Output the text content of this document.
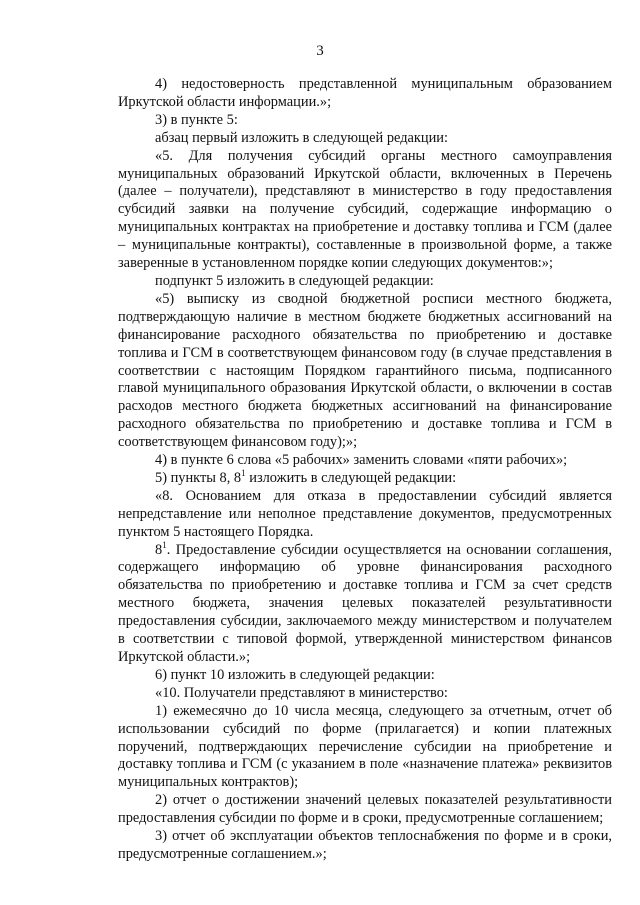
3

4) недостоверность представленной муниципальным образованием Иркутской области информации.»;

3) в пункте 5:

абзац первый изложить в следующей редакции:

«5. Для получения субсидий органы местного самоуправления муниципальных образований Иркутской области, включенных в Перечень (далее – получатели), представляют в министерство в году предоставления субсидий заявки на получение субсидий, содержащие информацию о муниципальных контрактах на приобретение и доставку топлива и ГСМ (далее – муниципальные контракты), составленные в произвольной форме, а также заверенные в установленном порядке копии следующих документов:»;

подпункт 5 изложить в следующей редакции:

«5) выписку из сводной бюджетной росписи местного бюджета, подтверждающую наличие в местном бюджете бюджетных ассигнований на финансирование расходного обязательства по приобретению и доставке топлива и ГСМ в соответствующем финансовом году (в случае представления в соответствии с настоящим Порядком гарантийного письма, подписанного главой муниципального образования Иркутской области, о включении в состав расходов местного бюджета бюджетных ассигнований на финансирование расходного обязательства по приобретению и доставке топлива и ГСМ в соответствующем финансовом году);»;

4) в пункте 6 слова «5 рабочих» заменить словами «пяти рабочих»;

5) пункты 8, $8^1$ изложить в следующей редакции:

«8. Основанием для отказа в предоставлении субсидий является непредставление или неполное представление документов, предусмотренных пунктом 5 настоящего Порядка.

$8^1$. Предоставление субсидии осуществляется на основании соглашения, содержащего информацию об уровне финансирования расходного обязательства по приобретению и доставке топлива и ГСМ за счет средств местного бюджета, значения целевых показателей результативности предоставления субсидии, заключаемого между министерством и получателем в соответствии с типовой формой, утвержденной министерством финансов Иркутской области.»;

6) пункт 10 изложить в следующей редакции:

«10. Получатели представляют в министерство:

1) ежемесячно до 10 числа месяца, следующего за отчетным, отчет об использовании субсидий по форме (прилагается) и копии платежных поручений, подтверждающих перечисление субсидии на приобретение и доставку топлива и ГСМ (с указанием в поле «назначение платежа» реквизитов муниципальных контрактов);

2) отчет о достижении значений целевых показателей результативности предоставления субсидии по форме и в сроки, предусмотренные соглашением;

3) отчет об эксплуатации объектов теплоснабжения по форме и в сроки, предусмотренные соглашением.»;
